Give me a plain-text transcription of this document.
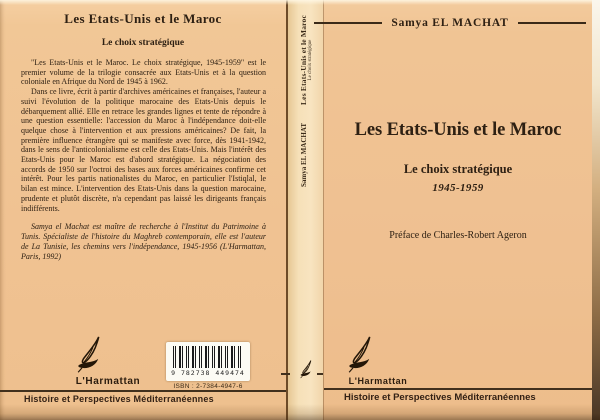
Les Etats-Unis et le Maroc
Le choix stratégique

"Les Etats-Unis et le Maroc. Le choix stratégique, 1945-1959" est le premier volume de la trilogie consacrée aux Etats-Unis et à la question coloniale en Afrique du Nord de 1945 à 1962.

Dans ce livre, écrit à partir d'archives américaines et françaises, l'auteur a suivi l'évolution de la politique marocaine des Etats-Unis depuis le débarquement allié. Elle en retrace les grandes lignes et tente de répondre à une question essentielle: l'accession du Maroc à l'indépendance doit-elle quelque chose à l'intervention et aux pressions américaines? De fait, la première influence étrangère qui se manifeste avec force, dès 1941-1942, dans le sens de l'anticolonialisme est celle des Etats-Unis. Mais l'intérêt des Etats-Unis pour le Maroc est d'abord stratégique. La négociation des accords de 1950 sur l'octroi des bases aux forces américaines confirme cet intérêt. Pour les partis nationalistes du Maroc, en particulier l'Istiqlal, le bilan est mince. L'intervention des Etats-Unis dans la question marocaine, prudente et plutôt discrète, n'a cependant pas laissé les dirigeants français indifférents.

Samya el Machat est maître de recherche à l'Institut du Patrimoine à Tunis. Spécialiste de l'histoire du Maghreb contemporain, elle est l'auteur de La Tunisie, les chemins vers l'indépendance, 1945-1956 (L'Harmattan, Paris, 1992)

L'Harmattan
9 782738 449474
ISBN : 2-7384-4947-6
Histoire et Perspectives Méditerranéennes
Les Etats-Unis et le Maroc Le choix stratégique
Samya EL MACHAT
Samya EL MACHAT
Les Etats-Unis et le Maroc
Le choix stratégique
1945-1959
Préface de Charles-Robert Ageron
L'Harmattan
Histoire et Perspectives Méditerranéennes
